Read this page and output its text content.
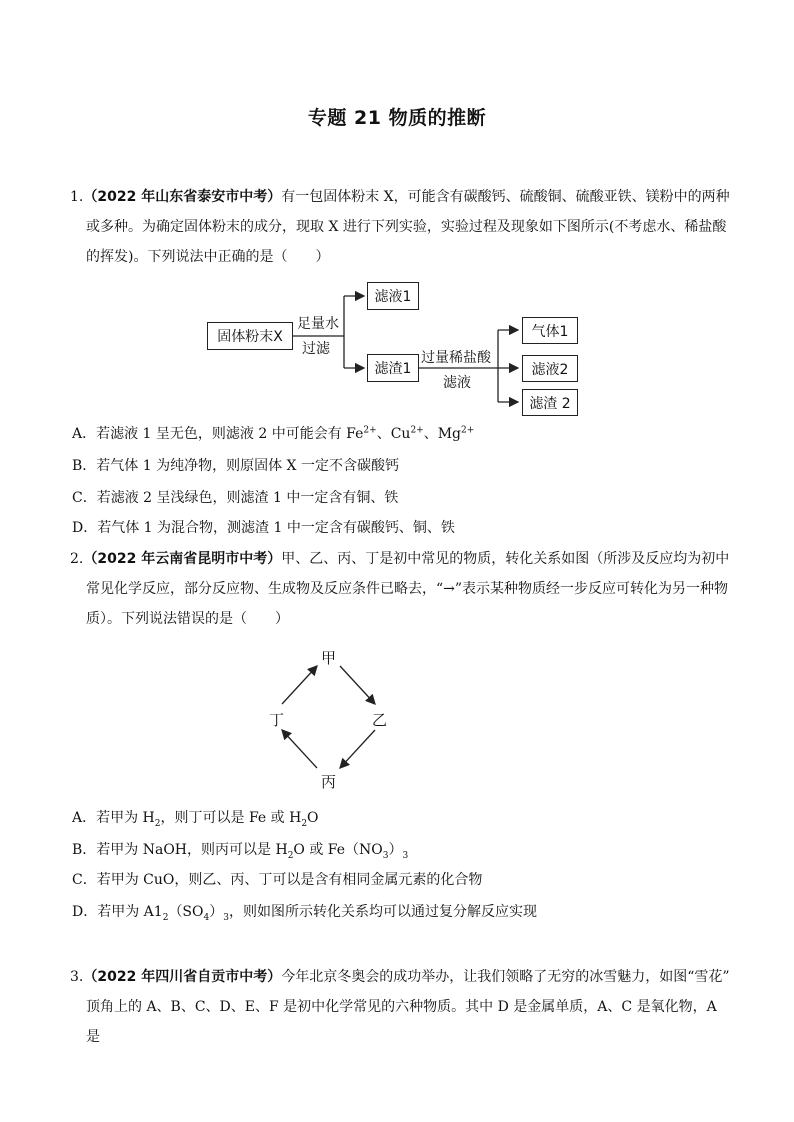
专题 21 物质的推断
1.（2022 年山东省泰安市中考）有一包固体粉末 X，可能含有碳酸钙、硫酸铜、硫酸亚铁、镁粉中的两种
或多种。为确定固体粉末的成分，现取 X 进行下列实验，实验过程及现象如下图所示(不考虑水、稀盐酸
的挥发)。下列说法中正确的是（　　）
固体粉末X
足量水
过滤
滤液1
滤渣1
过量稀盐酸
滤液
气体1
滤液2
滤渣 2
A．若滤液 1 呈无色，则滤液 2 中可能会有 $Fe^{2+}$、$Cu^{2+}$、$Mg^{2+}$
B．若气体 1 为纯净物，则原固体 X 一定不含碳酸钙
C．若滤液 2 呈浅绿色，则滤渣 1 中一定含有铜、铁
D．若气体 1 为混合物，测滤渣 1 中一定含有碳酸钙、铜、铁
2.（2022 年云南省昆明市中考）甲、乙、丙、丁是初中常见的物质，转化关系如图（所涉及反应均为初中
常见化学反应，部分反应物、生成物及反应条件已略去，“→”表示某种物质经一步反应可转化为另一种物
质）。下列说法错误的是（　　）
甲
乙
丙
丁
A．若甲为 $H_2$，则丁可以是 Fe 或 $H_2O$
B．若甲为 NaOH，则丙可以是 $H_2O$ 或 $Fe(NO_3)_3$
C．若甲为 CuO，则乙、丙、丁可以是含有相同金属元素的化合物
D．若甲为 $A1_2(SO_4)_3$，则如图所示转化关系均可以通过复分解反应实现
3.（2022 年四川省自贡市中考）今年北京冬奥会的成功举办，让我们领略了无穷的冰雪魅力，如图“雪花”
顶角上的 A、B、C、D、E、F 是初中化学常见的六种物质。其中 D 是金属单质，A、C 是氧化物，A 是
